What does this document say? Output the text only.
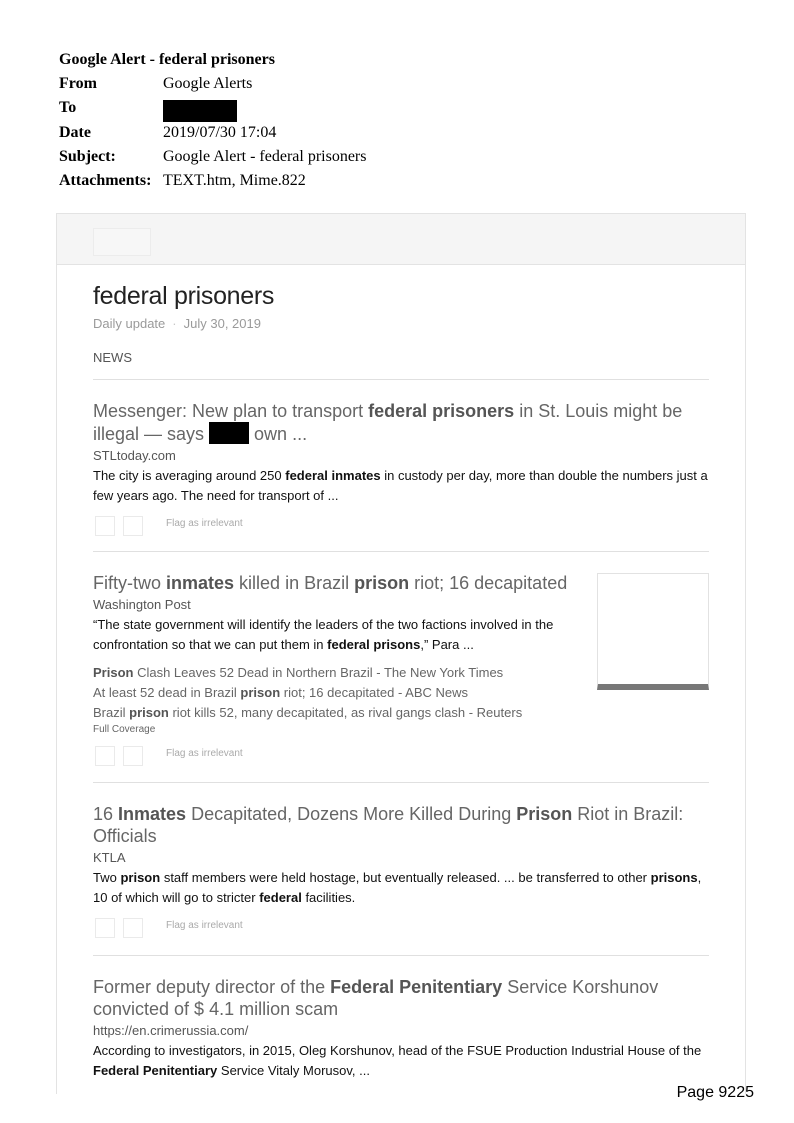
Google Alert - federal prisoners
From	Google Alerts
To
Date	2019/07/30 17:04
Subject:	Google Alert - federal prisoners
Attachments: TEXT.htm, Mime.822
federal prisoners
Daily update · July 30, 2019
NEWS
Messenger: New plan to transport federal prisoners in St. Louis might be illegal — says  own ...
STLtoday.com
The city is averaging around 250 federal inmates in custody per day, more than double the numbers just a few years ago. The need for transport of ...
Flag as irrelevant
Fifty-two inmates killed in Brazil prison riot; 16 decapitated
Washington Post
“The state government will identify the leaders of the two factions involved in the confrontation so that we can put them in federal prisons,” Para ...
Prison Clash Leaves 52 Dead in Northern Brazil - The New York Times
At least 52 dead in Brazil prison riot; 16 decapitated - ABC News
Brazil prison riot kills 52, many decapitated, as rival gangs clash - Reuters
Full Coverage
Flag as irrelevant
16 Inmates Decapitated, Dozens More Killed During Prison Riot in Brazil: Officials
KTLA
Two prison staff members were held hostage, but eventually released. ... be transferred to other prisons, 10 of which will go to stricter federal facilities.
Flag as irrelevant
Former deputy director of the Federal Penitentiary Service Korshunov convicted of $ 4.1 million scam
https://en.crimerussia.com/
According to investigators, in 2015, Oleg Korshunov, head of the FSUE Production Industrial House of the Federal Penitentiary Service Vitaly Morusov, ...
Page 9225
